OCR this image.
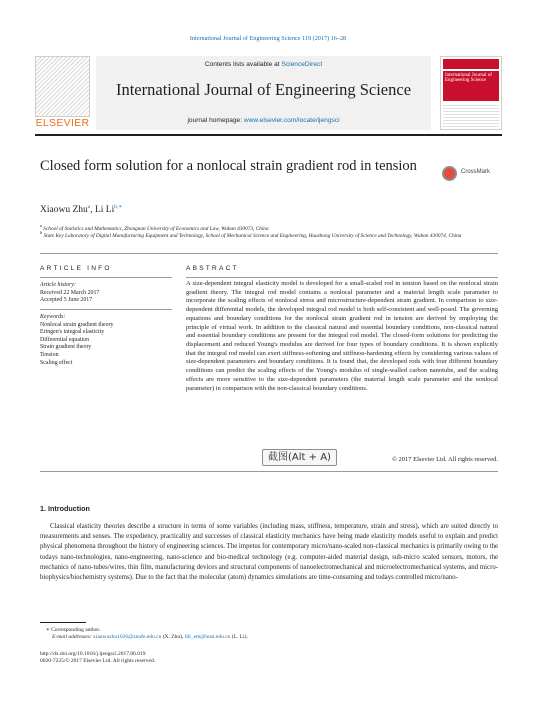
International Journal of Engineering Science 119 (2017) 16–28
ELSEVIER
Contents lists available at ScienceDirect
International Journal of Engineering Science
journal homepage: www.elsevier.com/locate/ijengsci
International Journal of Engineering Science
Closed form solution for a nonlocal strain gradient rod in tension	CrossMark
Xiaowu Zhu$^a$, Li $Li^{b,∗}$
$^a$ School of Statistics and Mathematics, Zhongnan University of Economics and Law, Wuhan 430073, China
$^b$ State Key Laboratory of Digital Manufacturing Equipment and Technology, School of Mechanical Science and Engineering, Huazhong University of Science and Technology, Wuhan 430074, China
ARTICLE INFO
Article history:
Received 22 March 2017
Accepted 5 June 2017
Keywords:
Nonlocal strain gradient theory
Eringen's integral elasticity
Differential equation
Strain gradient theory
Tension
Scaling effect
ABSTRACT
A size-dependent integral elasticity model is developed for a small-scaled rod in tension based on the nonlocal strain gradient theory. The integral rod model contains a nonlocal parameter and a material length scale parameter to incorporate the scaling effects of nonlocal stress and microstructure-dependent strain gradient. In comparison to size-dependent differential models, the developed integral rod model is both self-consistent and well-posed. The governing equations and boundary conditions for the nonlocal strain gradient rod in tension are derived by employing the principle of virtual work. In addition to the classical natural and essential boundary conditions, non-classical natural and essential boundary conditions are present for the integral rod model. The closed-form solutions for predicting the displacement and reduced Young's modulus are derived for four types of boundary conditions. It is shown explicitly that the integral rod model can exert stiffness-softening and stiffness-hardening effects by considering various values of size-dependent parameters and boundary conditions. It is found that, the developed rods with four different boundary conditions can predict the scaling effects of the Young's modulus of single-walled carbon nanotube, and the scaling effects are more sensitive to the size-dependent parameters (the material length scale parameter and the nonlocal parameter) in comparison with the non-classical boundary conditions.
© 2017 Elsevier Ltd. All rights reserved.
截图(Alt + A)
1. Introduction

Classical elasticity theories describe a structure in terms of some variables (including mass, stiffness, temperature, strain and stress), which are suited directly to measurements and senses. The expediency, practicality and successes of classical elasticity mechanics have being made elasticity models useful to explain and predict physical phenomena throughout the history of engineering sciences. The impetus for contemporary micro/nano-scaled non-classical mechanics is primarily owing to the todays nano-technologies, nano-engineering, nano-science and bio-medical technology (e.g. computer-aided material design, sub-micro scaled sensors, motors, the mechanics of nano-tubes/wires, thin film, manufacturing devices and structural components of nanoelectromechanical and microelectromechanical systems, and micro-biophysics/biochemistry systems). Due to the fact that the molecular (atom) dynamics simulations are time-consuming and todays controlled micro/nano-

∗ Corresponding author.
E-mail addresses: xiaowuzhu1026@znufe.edu.cn (X. Zhu), lili_em@hust.edu.cn (L. Li).
http://dx.doi.org/10.1016/j.ijengsci.2017.06.019
0020-7225/© 2017 Elsevier Ltd. All rights reserved.
